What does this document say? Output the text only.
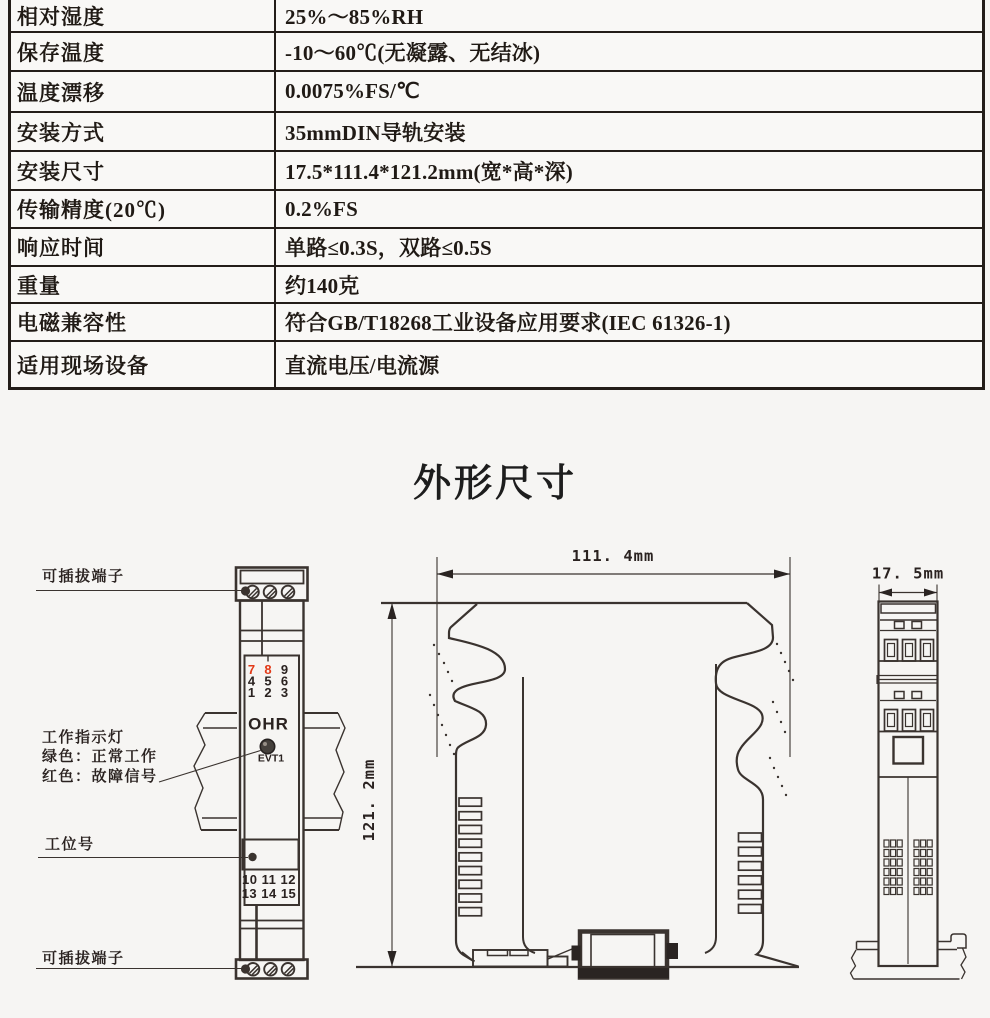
相对湿度	25%～85%RH
保存温度	-10～60℃(无凝露、无结冰)
温度漂移	0.0075%FS/℃
安装方式	35mmDIN导轨安装
安装尺寸	17.5*111.4*121.2mm(宽*高*深)
传输精度(20℃)	0.2%FS
响应时间	单路≤0.3S，双路≤0.5S
重量	约140克
电磁兼容性	符合GB/T18268工业设备应用要求(IEC 61326-1)
适用现场设备	直流电压/电流源
外形尺寸
7 8 9
4 5 6
1 2 3
OHR
EVT1
10 11 12
13 14 15
可插拔端子
工作指示灯
绿色：正常工作
红色：故障信号
工位号
可插拔端子
111. 4mm
121. 2mm
17. 5mm
